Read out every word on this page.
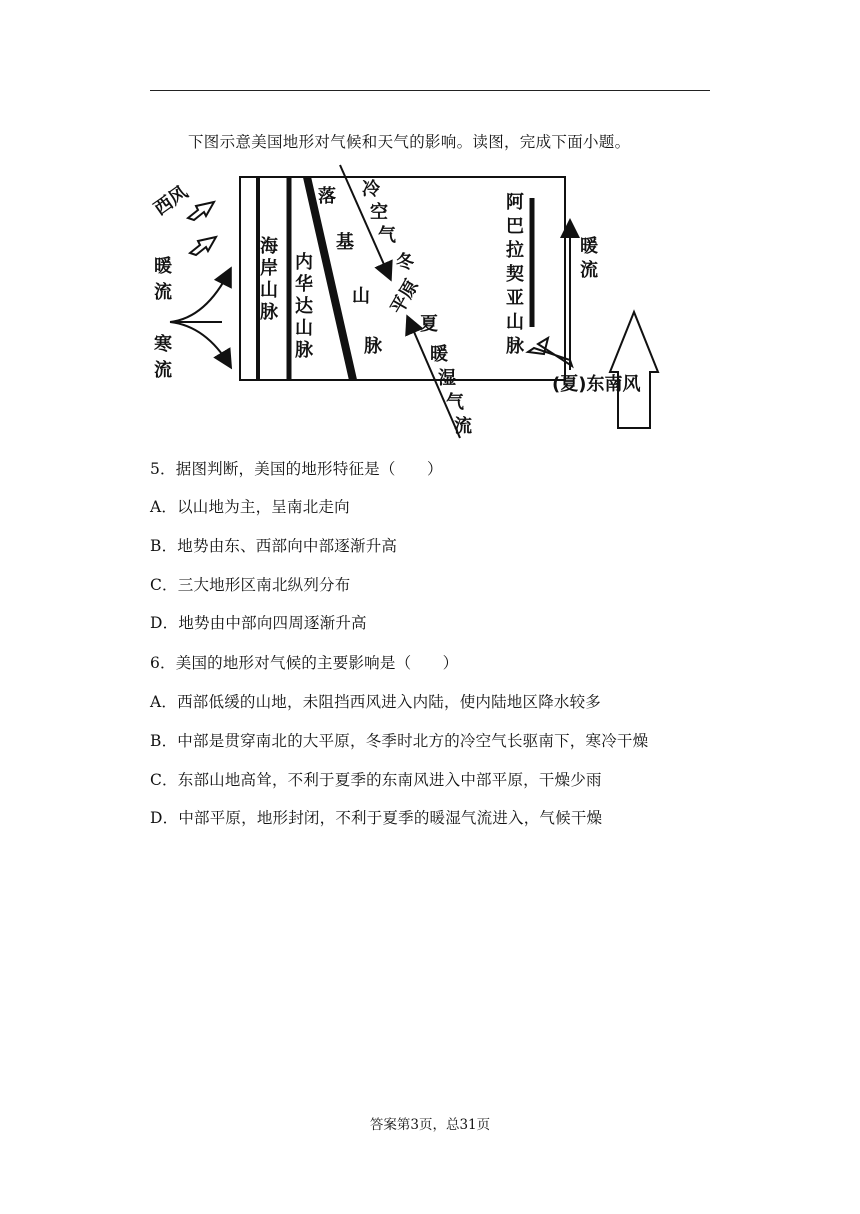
下图示意美国地形对气候和天气的影响。读图，完成下面小题。
西风
暖 流
寒 流
海岸山脉
内华达山脉
落基山脉
冷空气
冬
平原
夏
暖湿气流
阿巴拉契亚山脉
暖流
(夏)东南风
5．据图判断，美国的地形特征是（　　）
A．以山地为主，呈南北走向
B．地势由东、西部向中部逐渐升高
C．三大地形区南北纵列分布
D．地势由中部向四周逐渐升高
6．美国的地形对气候的主要影响是（　　）
A．西部低缓的山地，未阻挡西风进入内陆，使内陆地区降水较多
B．中部是贯穿南北的大平原，冬季时北方的冷空气长驱南下，寒冷干燥
C．东部山地高耸，不利于夏季的东南风进入中部平原，干燥少雨
D．中部平原，地形封闭，不利于夏季的暖湿气流进入，气候干燥
答案第3页，总31页
